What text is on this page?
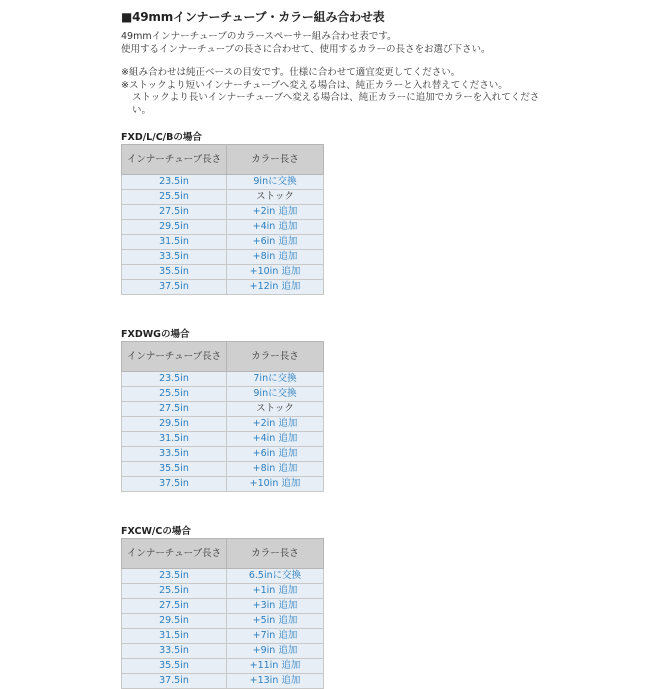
■49mmインナーチューブ・カラー組み合わせ表
49mmインナーチューブのカラースペーサー組み合わせ表です。
使用するインナーチューブの長さに合わせて、使用するカラーの長さをお選び下さい。
※組み合わせは純正ベースの目安です。仕様に合わせて適宜変更してください。
※ストックより短いインナーチューブへ変える場合は、純正カラーと入れ替えてください。
ストックより長いインナーチューブへ変える場合は、純正カラーに追加でカラーを入れてください。
FXD/L/C/Bの場合
インナーチューブ長さ	カラー長さ
23.5in	9inに交換
25.5in	ストック
27.5in	+2in 追加
29.5in	+4in 追加
31.5in	+6in 追加
33.5in	+8in 追加
35.5in	+10in 追加
37.5in	+12in 追加
FXDWGの場合
インナーチューブ長さ	カラー長さ
23.5in	7inに交換
25.5in	9inに交換
27.5in	ストック
29.5in	+2in 追加
31.5in	+4in 追加
33.5in	+6in 追加
35.5in	+8in 追加
37.5in	+10in 追加
FXCW/Cの場合
インナーチューブ長さ	カラー長さ
23.5in	6.5inに交換
25.5in	+1in 追加
27.5in	+3in 追加
29.5in	+5in 追加
31.5in	+7in 追加
33.5in	+9in 追加
35.5in	+11in 追加
37.5in	+13in 追加
